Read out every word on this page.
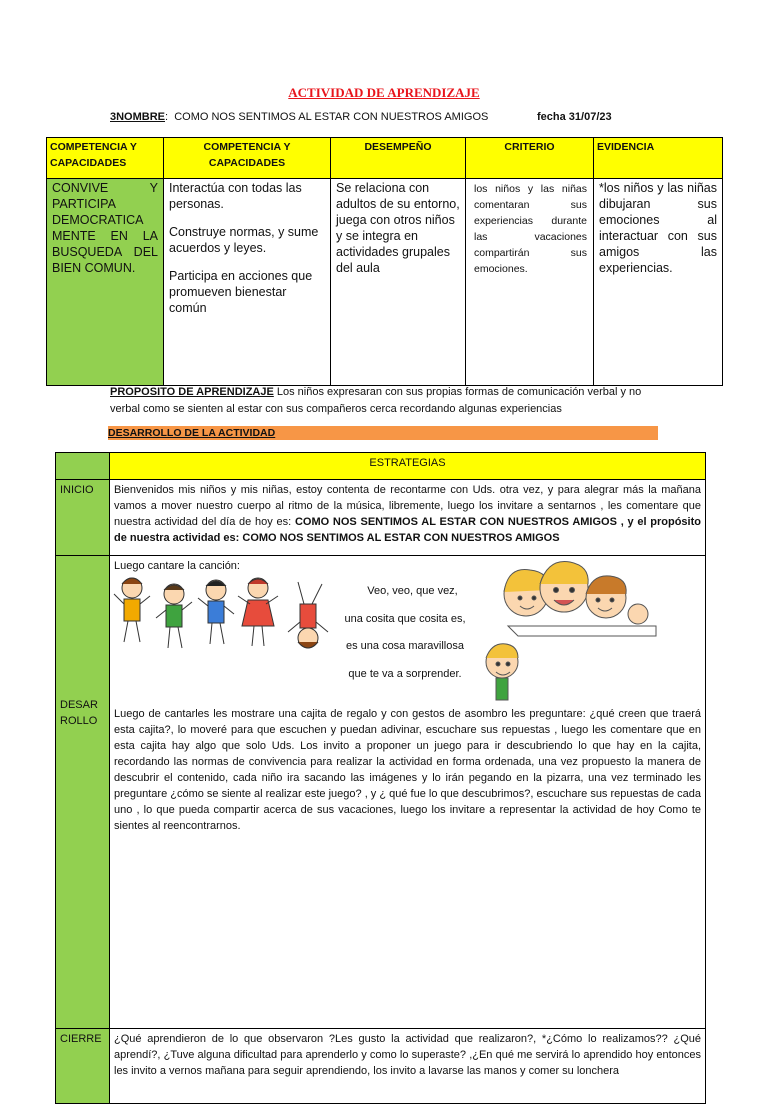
ACTIVIDAD DE APRENDIZAJE
3NOMBRE:  COMO NOS SENTIMOS AL ESTAR CON NUESTROS AMIGOS	fecha 31/07/23
COMPETENCIA Y CAPACIDADES	COMPETENCIA Y CAPACIDADES	DESEMPEÑO	CRITERIO	EVIDENCIA
CONVIVE Y PARTICIPA DEMOCRATICA MENTE EN LA BUSQUEDA DEL BIEN COMUN.	Interactúa con todas las personas.
Construye normas, y sume acuerdos y leyes.
Participa en acciones que promueven bienestar común	Se relaciona con adultos de su entorno, juega con otros niños y se integra en actividades grupales del aula	los niños y las niñas comentaran sus experiencias durante las vacaciones compartirán sus emociones.	*los niños y las niñas dibujaran sus emociones al interactuar con sus amigos las experiencias.
PROPOSITO DE APRENDIZAJE Los niños expresaran con sus propias formas de comunicación verbal y no verbal como se sienten al estar con sus compañeros cerca recordando algunas experiencias
DESARROLLO DE LA ACTIVIDAD
	ESTRATEGIAS
INICIO	Bienvenidos mis niños y mis niñas, estoy contenta de recontarme con Uds. otra vez, y para alegrar más la mañana vamos a mover nuestro cuerpo al ritmo de la música, libremente, luego los invitare a sentarnos , les comentare que nuestra actividad del día de hoy es: COMO NOS SENTIMOS AL ESTAR CON NUESTROS AMIGOS , y el propósito de nuestra actividad es: COMO NOS SENTIMOS AL ESTAR CON NUESTROS AMIGOS
DESAR ROLLO	Luego cantare la canción:
Luego de cantarles les mostrare una cajita de regalo y con gestos de asombro les preguntare: ¿qué creen que traerá esta cajita?, lo moveré para que escuchen y puedan adivinar, escuchare sus repuestas , luego les comentare que en esta cajita hay algo que solo Uds. Los invito a proponer un juego para ir descubriendo lo que hay en la cajita, recordando las normas de convivencia para realizar la actividad en forma ordenada, una vez propuesto la manera de descubrir el contenido, cada niño ira sacando las imágenes y lo irán pegando en la pizarra, una vez terminado les preguntare ¿cómo se siente al realizar este juego? , y ¿ qué fue lo que descubrimos?, escuchare sus repuestas de cada uno , lo que pueda compartir acerca de sus vacaciones, luego los invitare a representar la actividad de hoy Como te sientes al reencontrarnos.

CIERRE	¿Qué aprendieron de lo que observaron ?Les gusto la actividad que realizaron?, *¿Cómo lo realizamos?? ¿Qué aprendí?, ¿Tuve alguna dificultad para aprenderlo y como lo superaste? ,¿En qué me servirá lo aprendido hoy entonces les invito a vernos mañana para seguir aprendiendo, los invito a lavarse las manos y comer su lonchera
Veo, veo, que vez,
una cosita que cosita es,
es una cosa maravillosa
que te va a sorprender.
